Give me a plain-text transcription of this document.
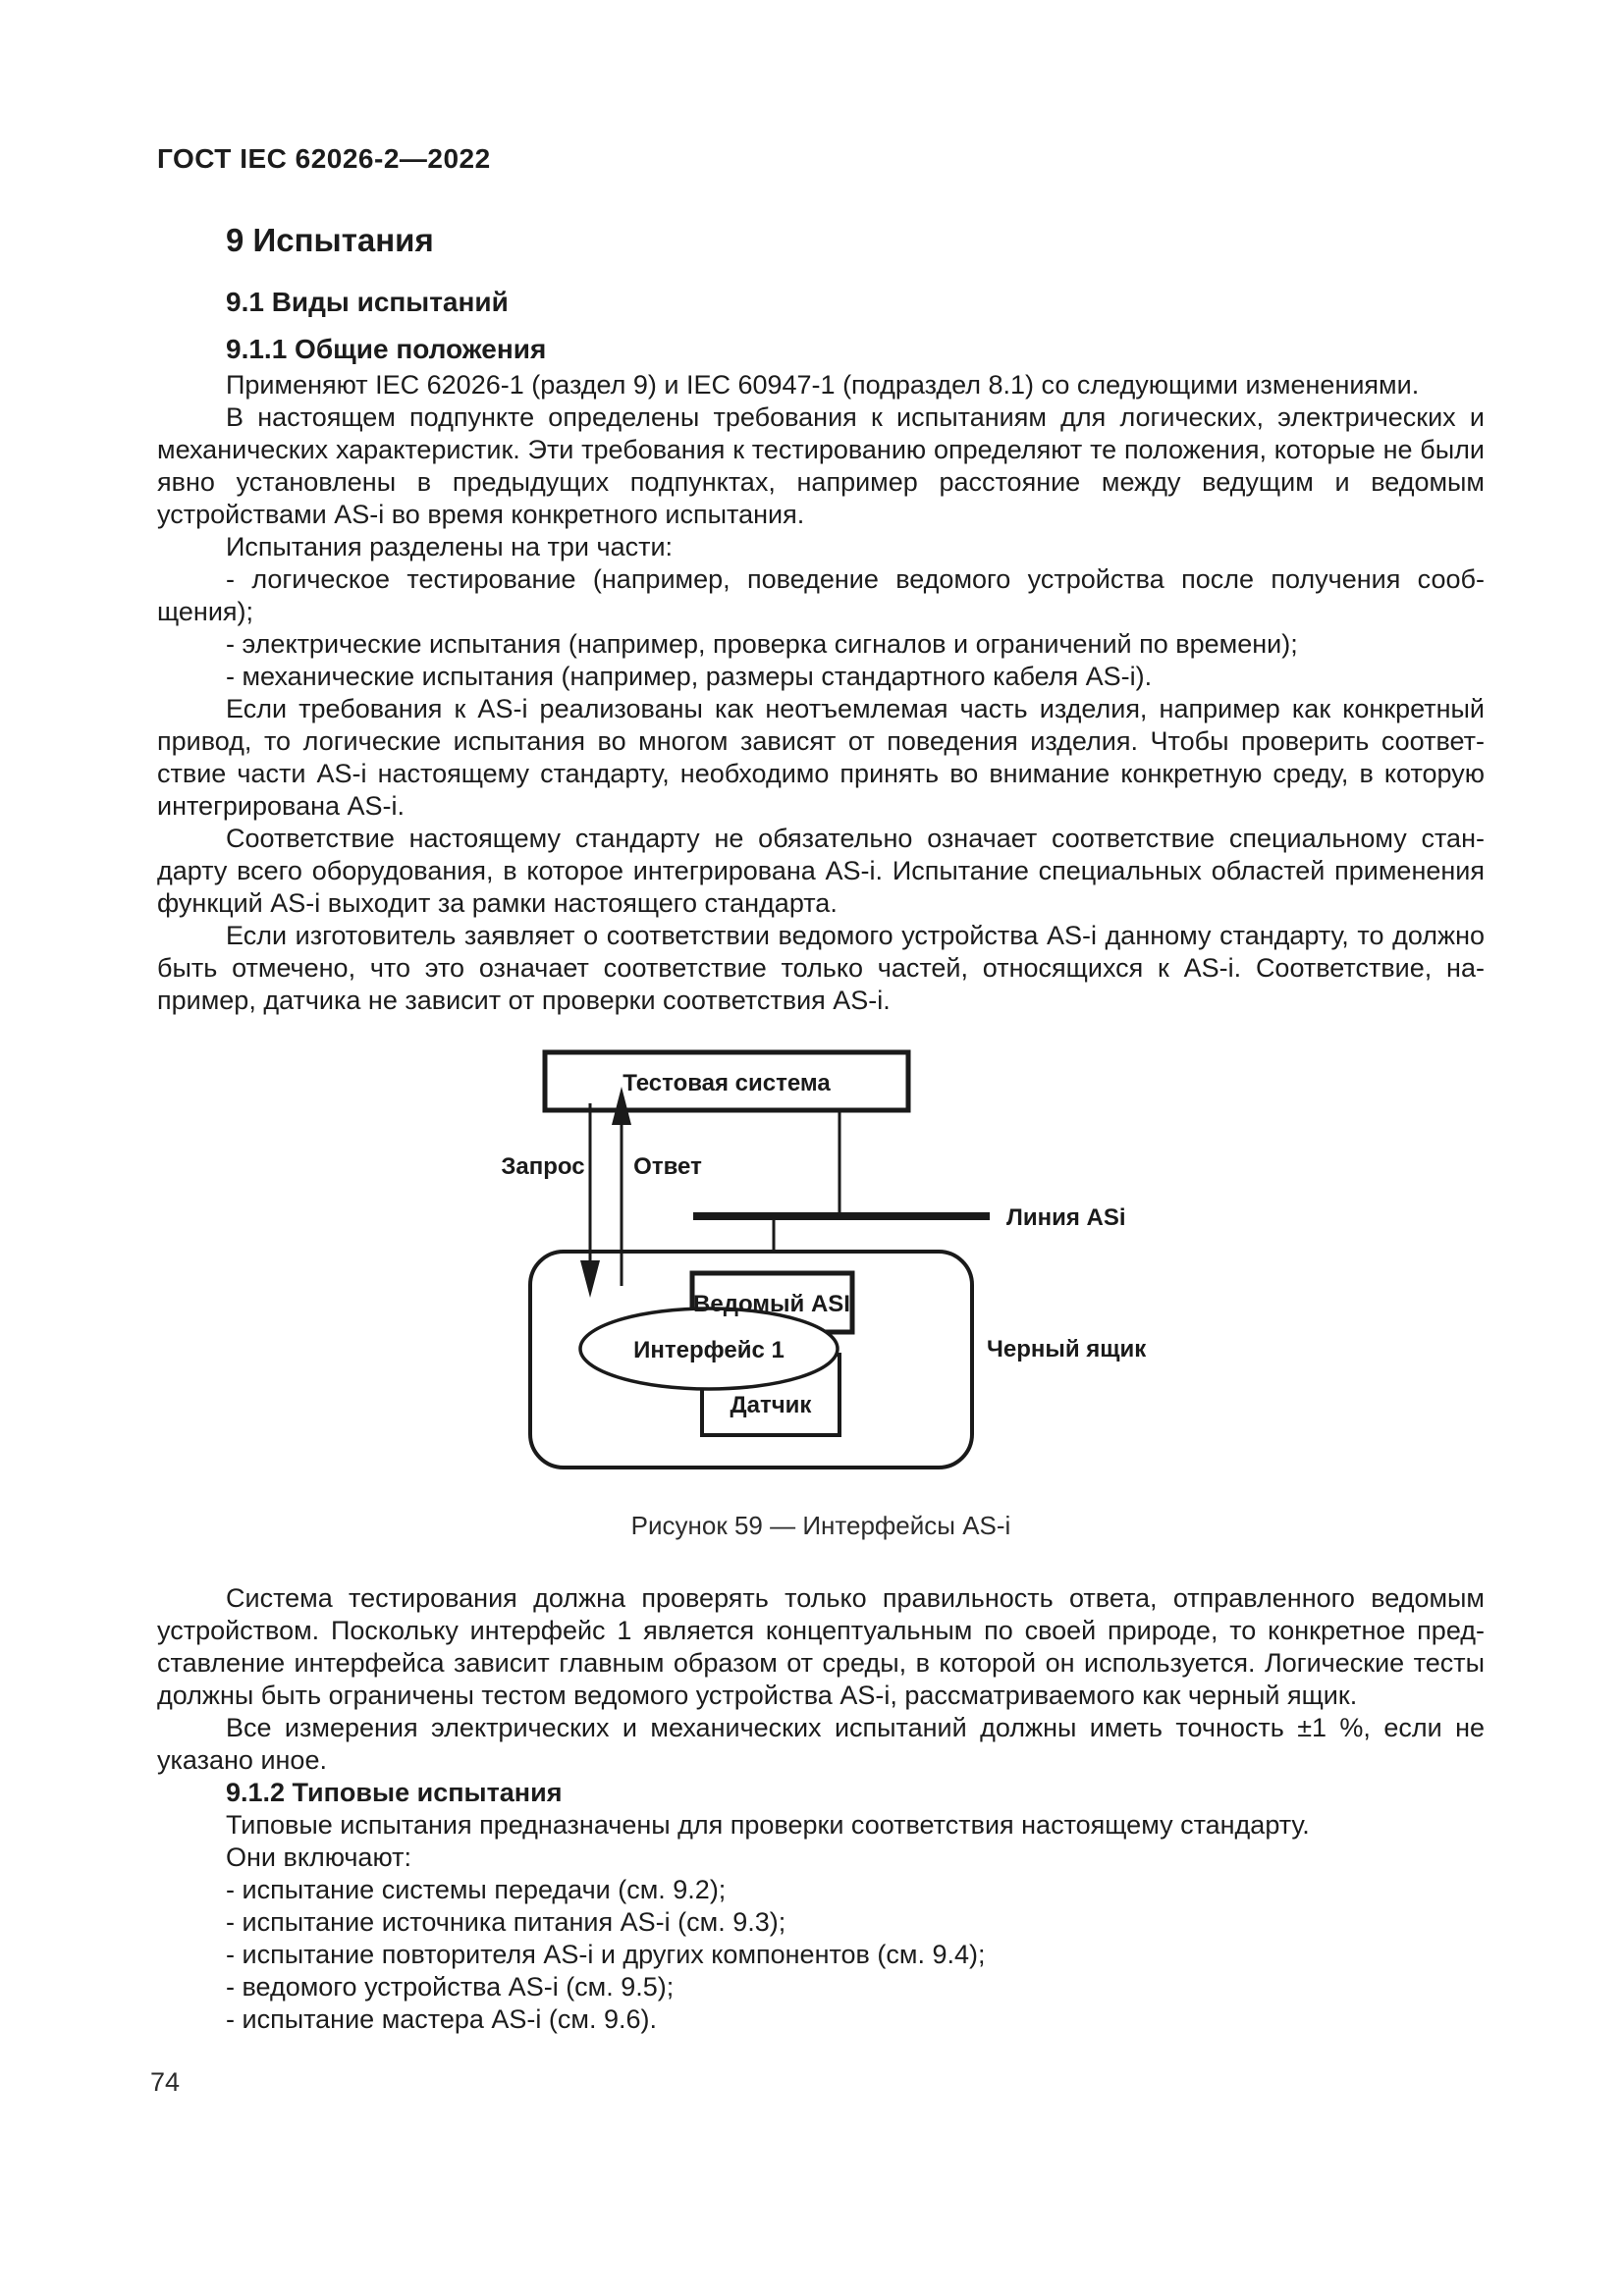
ГОСТ IEC 62026-2—2022
9 Испытания
9.1 Виды испытаний
9.1.1 Общие положения

Применяют IEC 62026-1 (раздел 9) и IEC 60947-1 (подраздел 8.1) со следующими изменениями.

В настоящем подпункте определены требования к испытаниям для логических, электрических и механических характеристик. Эти требования к тестированию определяют те положения, которые не были явно установлены в предыдущих подпунктах, например расстояние между ведущим и ведомым устройствами AS-i во время конкретного испытания.

Испытания разделены на три части:

- логическое тестирование (например, поведение ведомого устройства после получения сообщения);

- электрические испытания (например, проверка сигналов и ограничений по времени);

- механические испытания (например, размеры стандартного кабеля AS-i).

Если требования к AS-i реализованы как неотъемлемая часть изделия, например как конкретный привод, то логические испытания во многом зависят от поведения изделия. Чтобы проверить соответствие части AS-i настоящему стандарту, необходимо принять во внимание конкретную среду, в которую интегрирована AS-i.

Соответствие настоящему стандарту не обязательно означает соответствие специальному стандарту всего оборудования, в которое интегрирована AS-i. Испытание специальных областей применения функций AS-i выходит за рамки настоящего стандарта.

Если изготовитель заявляет о соответствии ведомого устройства AS-i данному стандарту, то должно быть отмечено, что это означает соответствие только частей, относящихся к AS-i. Соответствие, например, датчика не зависит от проверки соответствия AS-i.

Тестовая система
Запрос Ответ
Линия ASi
Ведомый ASI
Интерфейс 1
Датчик
Черный ящик
Рисунок 59 — Интерфейсы AS-i

Система тестирования должна проверять только правильность ответа, отправленного ведомым устройством. Поскольку интерфейс 1 является концептуальным по своей природе, то конкретное представление интерфейса зависит главным образом от среды, в которой он используется. Логические тесты должны быть ограничены тестом ведомого устройства AS-i, рассматриваемого как черный ящик.

Все измерения электрических и механических испытаний должны иметь точность ±1 %, если не указано иное.

9.1.2 Типовые испытания

Типовые испытания предназначены для проверки соответствия настоящему стандарту.

Они включают:

- испытание системы передачи (см. 9.2);

- испытание источника питания AS-i (см. 9.3);

- испытание повторителя AS-i и других компонентов (см. 9.4);

- ведомого устройства AS-i (см. 9.5);

- испытание мастера AS-i (см. 9.6).

74
